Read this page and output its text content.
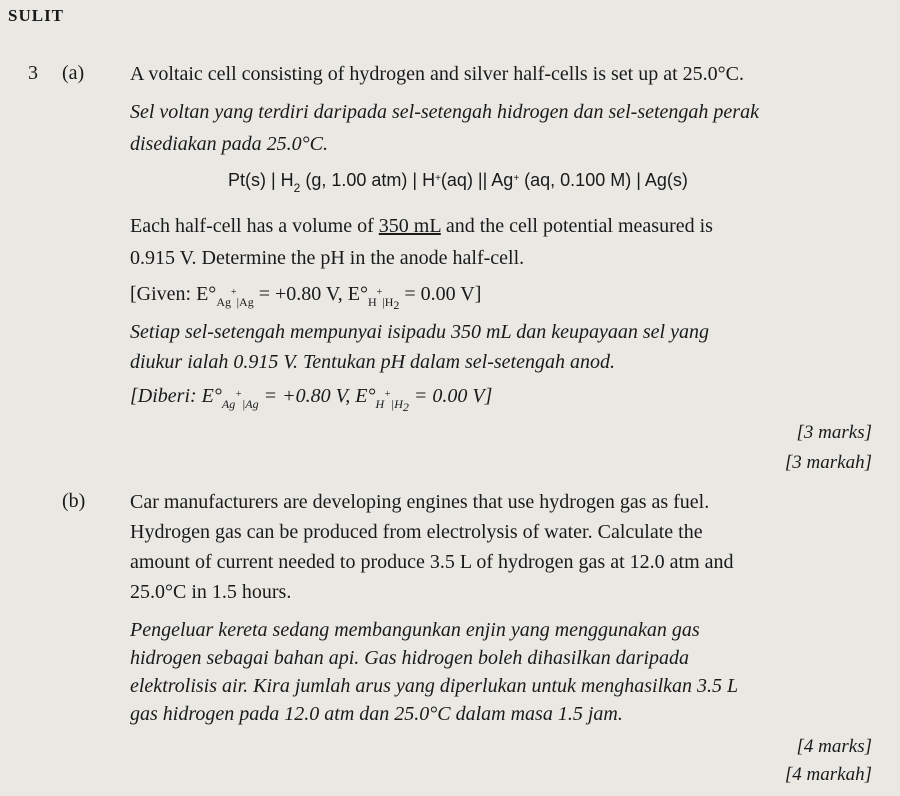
SULIT
3 (a) A voltaic cell consisting of hydrogen and silver half-cells is set up at 25.0°C.
Sel voltan yang terdiri daripada sel-setengah hidrogen dan sel-setengah perak
disediakan pada 25.0°C.
Pt(s) | $H_2$ (g, 1.00 atm) | H+(aq) || Ag+ (aq, 0.100 M) | Ag(s)
Each half-cell has a volume of 350 mL and the cell potential measured is
0.915 V. Determine the pH in the anode half-cell.
[Given: $E^\circ_{Ag}^+_{|Ag} = +0.80$ V, $E^\circ_H^+_{|H2} = 0.00$ V]
Setiap sel-setengah mempunyai isipadu 350 mL dan keupayaan sel yang
diukur ialah 0.915 V. Tentukan pH dalam sel-setengah anod.
[Diberi: $E^\circ_{Ag}^+_{|Ag} = +0.80$ V, $E^\circ_H^+_{|H2} = 0.00$ V]
[3 marks]
[3 markah]
(b) Car manufacturers are developing engines that use hydrogen gas as fuel.
Hydrogen gas can be produced from electrolysis of water. Calculate the
amount of current needed to produce 3.5 L of hydrogen gas at 12.0 atm and
25.0°C in 1.5 hours.
Pengeluar kereta sedang membangunkan enjin yang menggunakan gas
hidrogen sebagai bahan api. Gas hidrogen boleh dihasilkan daripada
elektrolisis air. Kira jumlah arus yang diperlukan untuk menghasilkan 3.5 L
gas hidrogen pada 12.0 atm dan 25.0°C dalam masa 1.5 jam.
[4 marks]
[4 markah]
